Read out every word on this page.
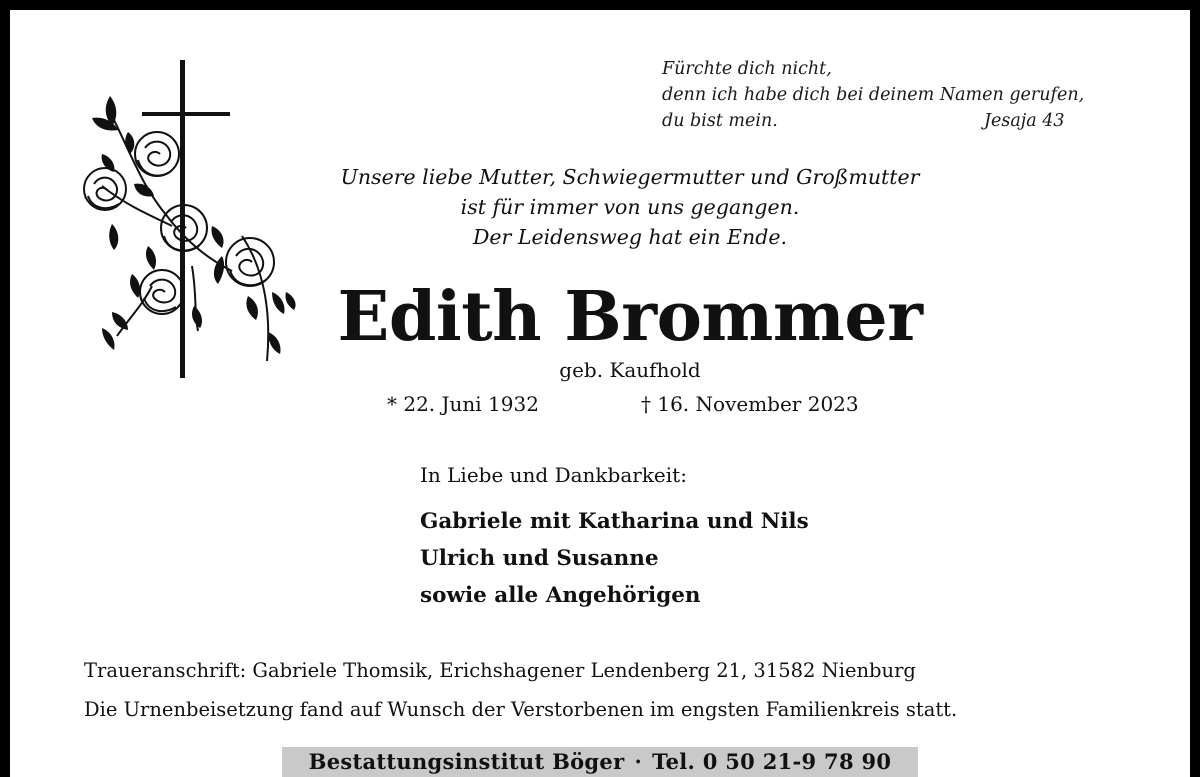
Fürchte dich nicht,
denn ich habe dich bei deinem Namen gerufen,
du bist mein.	Jesaja 43
Unsere liebe Mutter, Schwiegermutter und Großmutter
ist für immer von uns gegangen.
Der Leidensweg hat ein Ende.
Edith Brommer
geb. Kaufhold
* 22. Juni 1932	† 16. November 2023
In Liebe und Dankbarkeit:
Gabriele mit Katharina und Nils
Ulrich und Susanne
sowie alle Angehörigen
Traueranschrift: Gabriele Thomsik, Erichshagener Lendenberg 21, 31582 Nienburg
Die Urnenbeisetzung fand auf Wunsch der Verstorbenen im engsten Familienkreis statt.
Bestattungsinstitut Böger · Tel. 0 50 21-9 78 90
